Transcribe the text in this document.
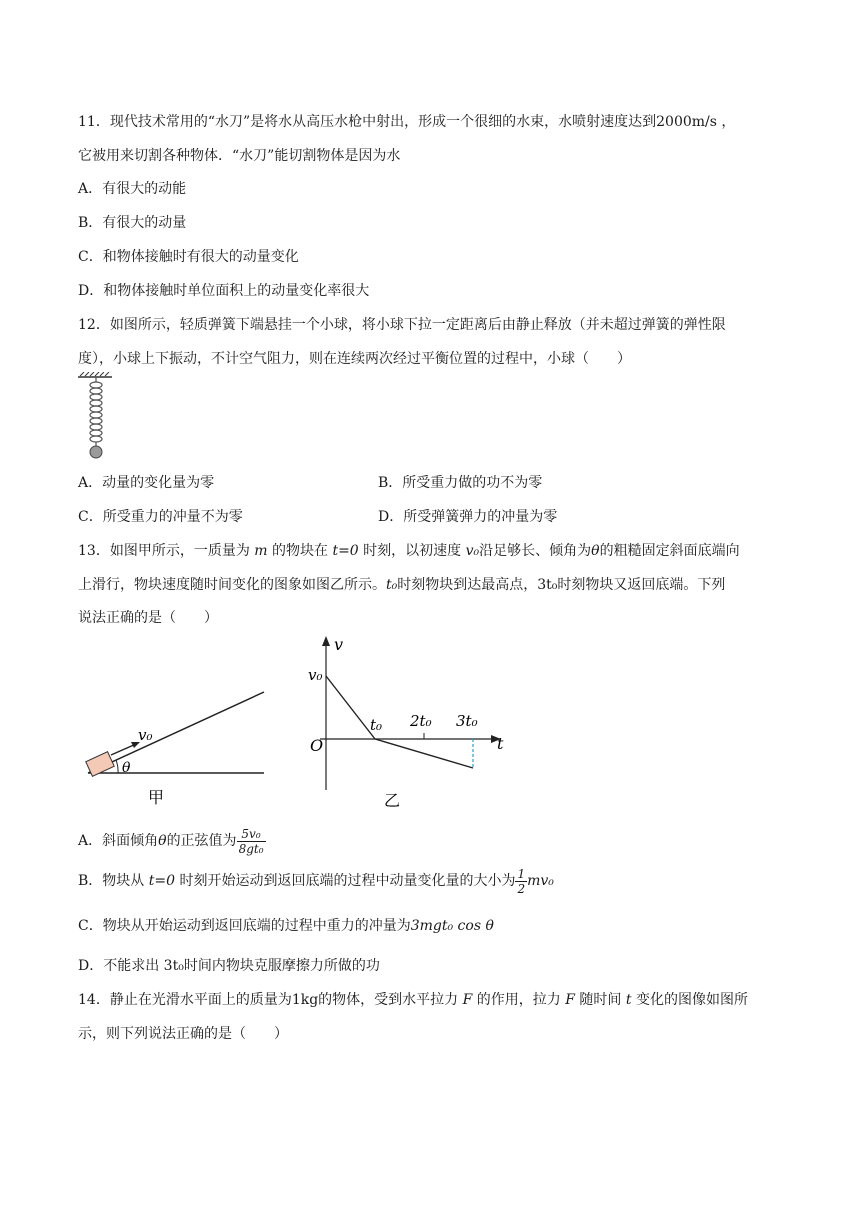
11．现代技术常用的“水刀”是将水从高压水枪中射出，形成一个很细的水束，水喷射速度达到2000m/s ，
它被用来切割各种物体．“水刀”能切割物体是因为水
A．有很大的动能
B．有很大的动量
C．和物体接触时有很大的动量变化
D．和物体接触时单位面积上的动量变化率很大
12．如图所示，轻质弹簧下端悬挂一个小球，将小球下拉一定距离后由静止释放（并未超过弹簧的弹性限
度），小球上下振动，不计空气阻力，则在连续两次经过平衡位置的过程中，小球（　　）
A．动量的变化量为零	B．所受重力做的功不为零
C．所受重力的冲量不为零	D．所受弹簧弹力的冲量为零
13．如图甲所示，一质量为 m 的物块在 t=0 时刻，以初速度 v₀沿足够长、倾角为θ的粗糙固定斜面底端向
上滑行，物块速度随时间变化的图象如图乙所示。t₀时刻物块到达最高点，3t₀时刻物块又返回底端。下列
说法正确的是（　　）
v₀
θ
甲
v
t
O
v₀
t₀ 2t₀ 3t₀
乙
A．斜面倾角θ的正弦值为 $\frac{\text{5v₀}}{\text{8gt₀}}$
B．物块从 t=0 时刻开始运动到返回底端的过程中动量变化量的大小为 $\frac{1}{2} mv_0$
C．物块从开始运动到返回底端的过程中重力的冲量为3mgt₀ cos θ
D．不能求出 3t₀时间内物块克服摩擦力所做的功
14．静止在光滑水平面上的质量为1kg的物体，受到水平拉力 F 的作用，拉力 F 随时间 t 变化的图像如图所
示，则下列说法正确的是（　　）
